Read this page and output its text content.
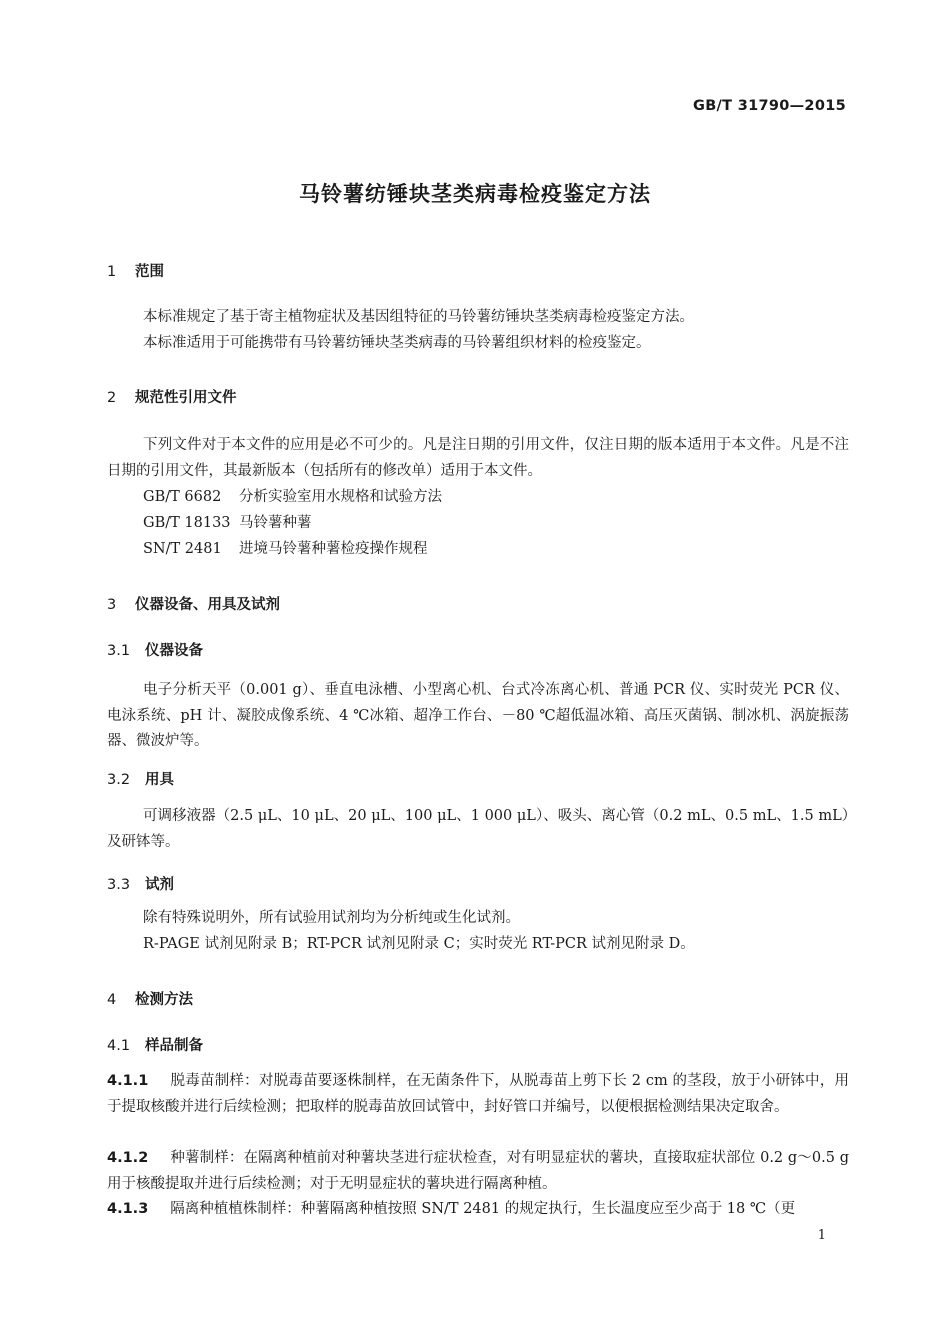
GB/T 31790—2015
马铃薯纺锤块茎类病毒检疫鉴定方法
1 范围
本标准规定了基于寄主植物症状及基因组特征的马铃薯纺锤块茎类病毒检疫鉴定方法。
本标准适用于可能携带有马铃薯纺锤块茎类病毒的马铃薯组织材料的检疫鉴定。
2 规范性引用文件
下列文件对于本文件的应用是必不可少的。凡是注日期的引用文件，仅注日期的版本适用于本文件。凡是不注日期的引用文件，其最新版本（包括所有的修改单）适用于本文件。
GB/T 6682 分析实验室用水规格和试验方法
GB/T 18133 马铃薯种薯
SN/T 2481 进境马铃薯种薯检疫操作规程
3 仪器设备、用具及试剂
3.1 仪器设备
电子分析天平（0.001 g）、垂直电泳槽、小型离心机、台式冷冻离心机、普通 PCR 仪、实时荧光 PCR 仪、电泳系统、pH 计、凝胶成像系统、4 ℃冰箱、超净工作台、－80 ℃超低温冰箱、高压灭菌锅、制冰机、涡旋振荡器、微波炉等。
3.2 用具
可调移液器（2.5 μL、10 μL、20 μL、100 μL、1 000 μL）、吸头、离心管（0.2 mL、0.5 mL、1.5 mL）及研钵等。
3.3 试剂
除有特殊说明外，所有试验用试剂均为分析纯或生化试剂。
R-PAGE 试剂见附录 B；RT-PCR 试剂见附录 C；实时荧光 RT-PCR 试剂见附录 D。
4 检测方法
4.1 样品制备
4.1.1 脱毒苗制样：对脱毒苗要逐株制样，在无菌条件下，从脱毒苗上剪下长 2 cm 的茎段，放于小研钵中，用于提取核酸并进行后续检测；把取样的脱毒苗放回试管中，封好管口并编号，以便根据检测结果决定取舍。
4.1.2 种薯制样：在隔离种植前对种薯块茎进行症状检查，对有明显症状的薯块，直接取症状部位 0.2 g～0.5 g 用于核酸提取并进行后续检测；对于无明显症状的薯块进行隔离种植。
4.1.3 隔离种植植株制样：种薯隔离种植按照 SN/T 2481 的规定执行，生长温度应至少高于 18 ℃（更
1
